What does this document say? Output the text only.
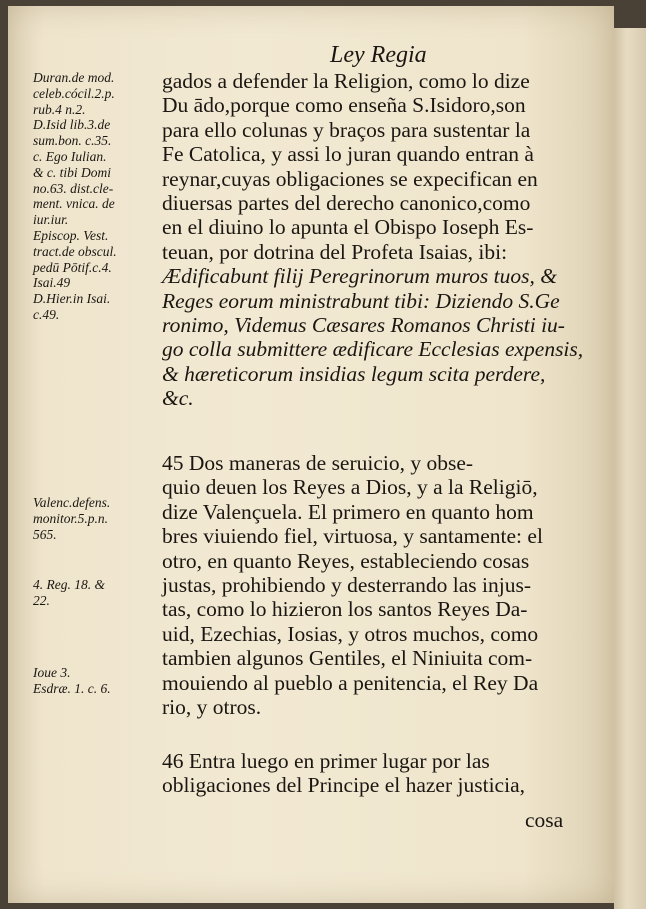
Ley Regia
Duran.de mod.
celeb.cócil.2.p.
rub.4 n.2.
D.Isid lib.3.de
sum.bon. c.35.
c. Ego Iulian.
& c. tibi Domi
no.63. dist.cle-
ment. vnica. de
iur.iur.
Episcop. Vest.
tract.de obscul.
pedū Pōtif.c.4.
Isai.49
D.Hier.in Isai.
c.49.
Valenc.defens.
monitor.5.p.n.
565.
4. Reg. 18. &
22.
Ioue 3.
Esdræ. 1. c. 6.
gados a defender la Religion, como lo dize
Du ādo,porque como enseña S.Isidoro,son
para ello colunas y braços para sustentar la
Fe Catolica, y assi lo juran quando entran à
reynar,cuyas obligaciones se expecifican en
diuersas partes del derecho canonico,como
en el diuino lo apunta el Obispo Ioseph Es-
teuan, por dotrina del Profeta Isaias, ibi:
Ædificabunt filij Peregrinorum muros tuos, &
Reges eorum ministrabunt tibi: Diziendo S.Ge
ronimo, Videmus Cæsares Romanos Christi iu-
go colla submittere ædificare Ecclesias expensis,
& hæreticorum insidias legum scita perdere,
&c.
45 Dos maneras de seruicio, y obse-
quio deuen los Reyes a Dios, y a la Religiō,
dize Valençuela. El primero en quanto hom
bres viuiendo fiel, virtuosa, y santamente: el
otro, en quanto Reyes, estableciendo cosas
justas, prohibiendo y desterrando las injus-
tas, como lo hizieron los santos Reyes Da-
uid, Ezechias, Iosias, y otros muchos, como
tambien algunos Gentiles, el Niniuita com-
mouiendo al pueblo a penitencia, el Rey Da
rio, y otros.
46 Entra luego en primer lugar por las
obligaciones del Principe el hazer justicia,
cosa
